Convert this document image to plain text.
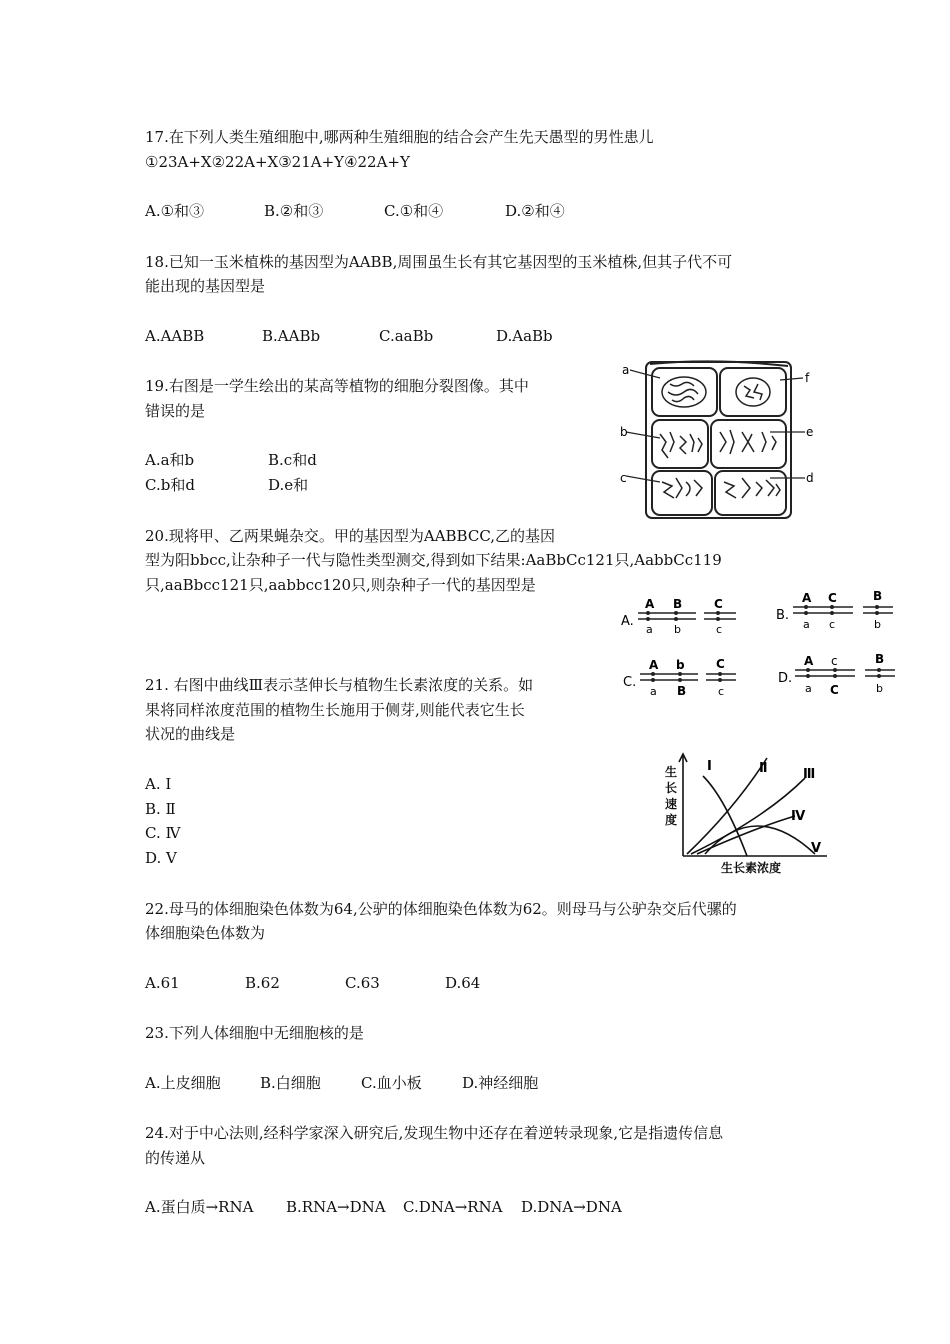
17.在下列人类生殖细胞中,哪两种生殖细胞的结合会产生先天愚型的男性患儿
①23A+X②22A+X③21A+Y④22A+Y
A.①和③	B.②和③	C.①和④	D.②和④
18.已知一玉米植株的基因型为AABB,周围虽生长有其它基因型的玉米植株,但其子代不可
能出现的基因型是
A.AABB	B.AABb	C.aaBb	D.AaBb
19.右图是一学生绘出的某高等植物的细胞分裂图像。其中
错误的是
A.a和b	B.c和d
C.b和d	D.e和
a
f
b	e
c	d
20.现将甲、乙两果蝇杂交。甲的基因型为AABBCC,乙的基因
型为阳bbcc,让杂种子一代与隐性类型测交,得到如下结果:AaBbCc121只,AabbCc119
只,aaBbcc121只,aabbcc120只,则杂种子一代的基因型是
A.
A B	C
a b	c
B.
A C	B
a c	b
C.
A b	C
a B	c
D.
A c	B
a C	b
21. 右图中曲线Ⅲ表示茎伸长与植物生长素浓度的关系。如
果将同样浓度范围的植物生长施用于侧芽,则能代表它生长
状况的曲线是
A. Ⅰ
B. Ⅱ
C. Ⅳ
D. Ⅴ
生长速度
生长素浓度
I	Ⅱ	Ⅲ
Ⅳ
V
22.母马的体细胞染色体数为64,公驴的体细胞染色体数为62。则母马与公驴杂交后代骡的
体细胞染色体数为
A.61	B.62	C.63	D.64
23.下列人体细胞中无细胞核的是
A.上皮细胞	B.白细胞	C.血小板	D.神经细胞
24.对于中心法则,经科学家深入研究后,发现生物中还存在着逆转录现象,它是指遗传信息
的传递从
A.蛋白质→RNA B.RNA→DNA C.DNA→RNA D.DNA→DNA
